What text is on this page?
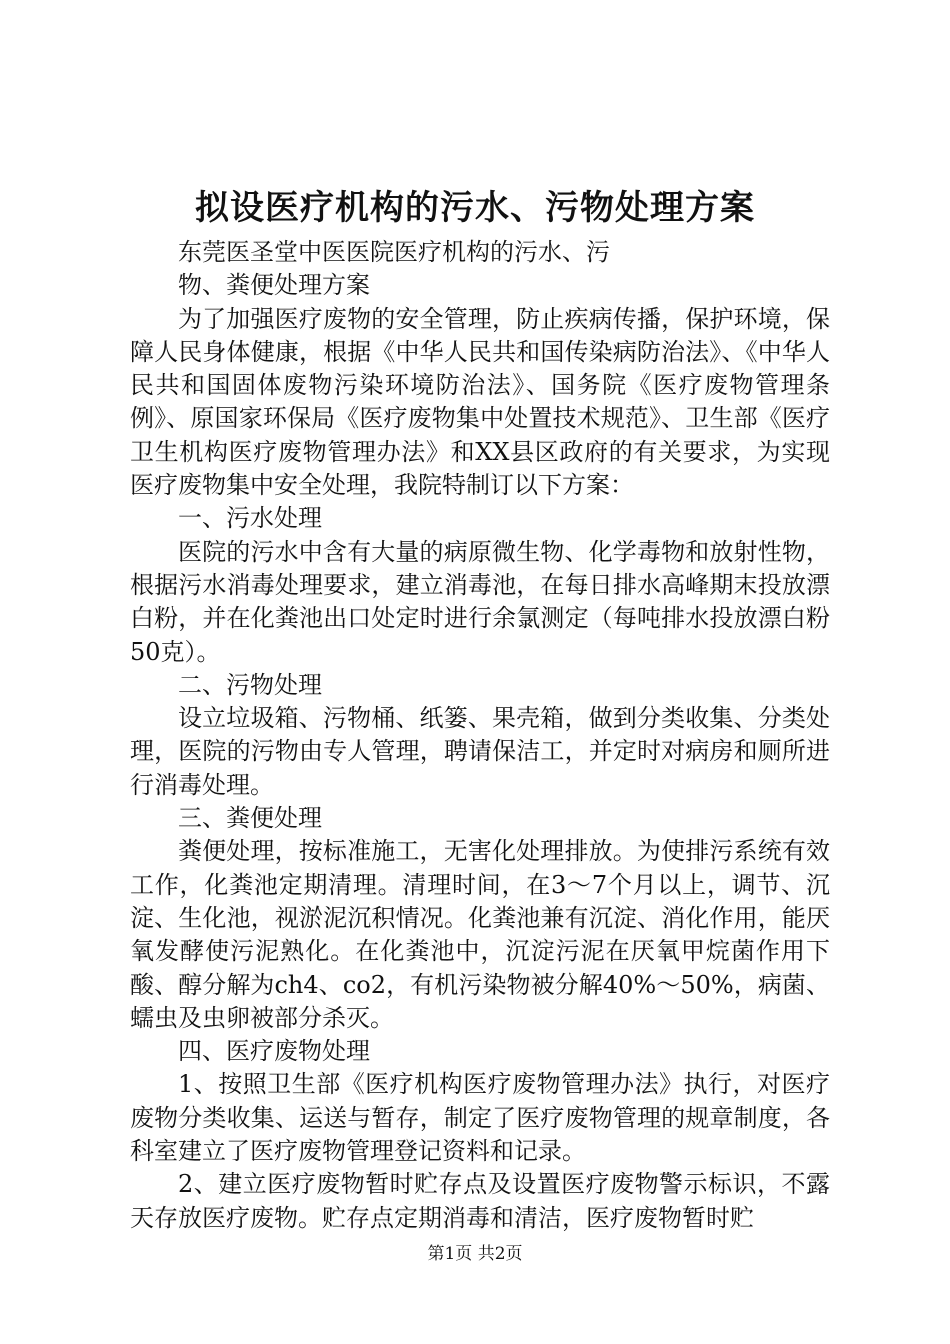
拟设医疗机构的污水、污物处理方案

东莞医圣堂中医医院医疗机构的污水、污

物、粪便处理方案

为了加强医疗废物的安全管理，防止疾病传播，保护环境，保障人民身体健康，根据《中华人民共和国传染病防治法》、《中华人民共和国固体废物污染环境防治法》、国务院《医疗废物管理条例》、原国家环保局《医疗废物集中处置技术规范》、卫生部《医疗卫生机构医疗废物管理办法》和XX县区政府的有关要求，为实现医疗废物集中安全处理，我院特制订以下方案：

一、污水处理

医院的污水中含有大量的病原微生物、化学毒物和放射性物，根据污水消毒处理要求，建立消毒池，在每日排水高峰期末投放漂白粉，并在化粪池出口处定时进行余氯测定（每吨排水投放漂白粉50克）。

二、污物处理

设立垃圾箱、污物桶、纸篓、果壳箱，做到分类收集、分类处理，医院的污物由专人管理，聘请保洁工，并定时对病房和厕所进行消毒处理。

三、粪便处理

粪便处理，按标准施工，无害化处理排放。为使排污系统有效工作，化粪池定期清理。清理时间，在3～7个月以上，调节、沉淀、生化池，视淤泥沉积情况。化粪池兼有沉淀、消化作用，能厌氧发酵使污泥熟化。在化粪池中，沉淀污泥在厌氧甲烷菌作用下酸、醇分解为ch4、co2，有机污染物被分解40%～50%，病菌、蠕虫及虫卵被部分杀灭。

四、医疗废物处理

1、按照卫生部《医疗机构医疗废物管理办法》执行，对医疗废物分类收集、运送与暂存，制定了医疗废物管理的规章制度，各科室建立了医疗废物管理登记资料和记录。

2、建立医疗废物暂时贮存点及设置医疗废物警示标识，不露天存放医疗废物。贮存点定期消毒和清洁，医疗废物暂时贮

第1页 共2页
